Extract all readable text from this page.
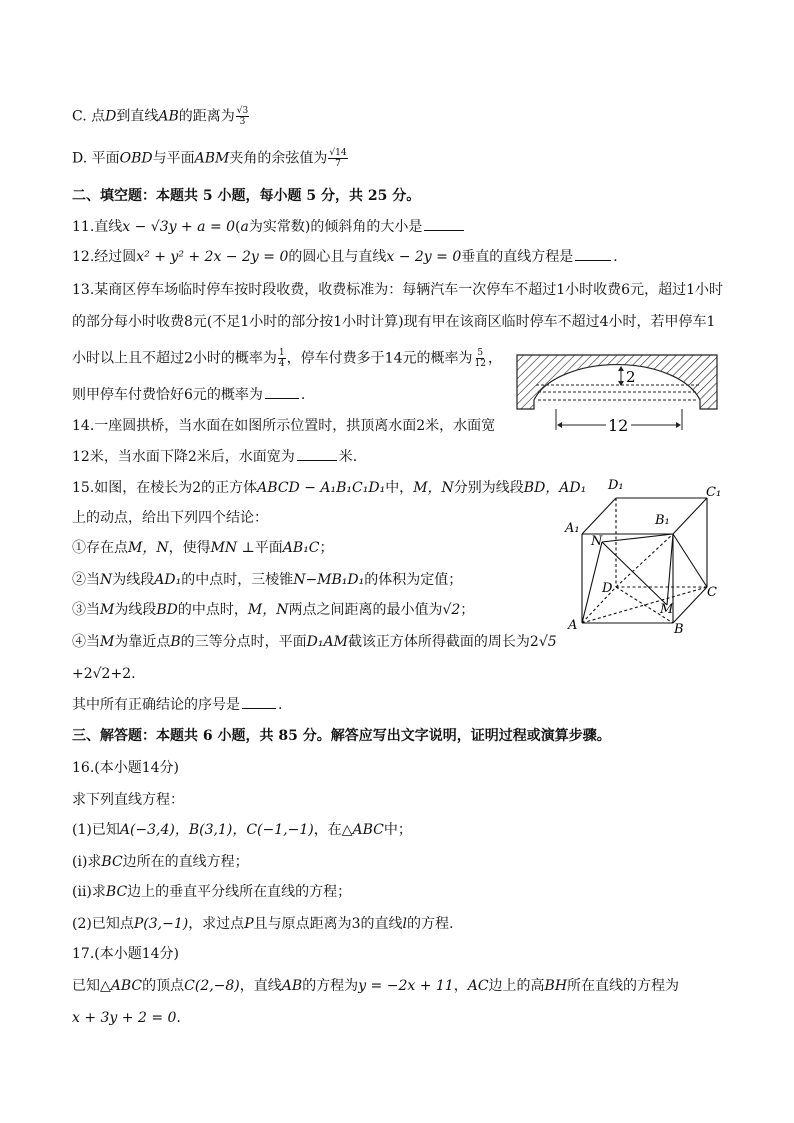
C. 点D到直线AB的距离为 $\frac{√3}{3}$
D. 平面OBD与平面ABM夹角的余弦值为 $\frac{√14}{7}$
二、填空题：本题共 5 小题，每小题 5 分，共 25 分。
11.直线x − √3y + a = 0(a为实常数)的倾斜角的大小是
12.经过圆x² + y² + 2x − 2y = 0的圆心且与直线x − 2y = 0垂直的直线方程是	.
13.某商区停车场临时停车按时段收费，收费标准为：每辆汽车一次停车不超过1小时收费6元，超过1小时
的部分每小时收费8元(不足1小时的部分按1小时计算)现有甲在该商区临时停车不超过4小时，若甲停车1
小时以上且不超过2小时的概率为 $\frac{1}{4}$ ，停车付费多于14元的概率为 $\frac{5}{12}$ ，
则甲停车付费恰好6元的概率为	.
14.一座圆拱桥，当水面在如图所示位置时，拱顶离水面2米，水面宽
12米，当水面下降2米后，水面宽为	米.
2
12
15.如图，在棱长为2的正方体ABCD − A₁B₁C₁D₁中，M，N分别为线段BD，AD₁
上的动点，给出下列四个结论：
①存在点M，N，使得MN ⊥平面AB₁C；
②当N为线段AD₁的中点时，三棱锥N−MB₁D₁的体积为定值；
③当M为线段BD的中点时，M，N两点之间距离的最小值为√2；
④当M为靠近点B的三等分点时，平面D₁AM截该正方体所得截面的周长为2√5
+2√2+2.
其中所有正确结论的序号是	.
D₁	C₁
A₁
B₁
N
D	C
M
A	B
三、解答题：本题共 6 小题，共 85 分。解答应写出文字说明，证明过程或演算步骤。
16.(本小题14分)
求下列直线方程：
(1)已知A(−3,4)，B(3,1)，C(−1,−1)，在△ABC中；
(ⅰ)求BC边所在的直线方程；
(ⅱ)求BC边上的垂直平分线所在直线的方程；
(2)已知点P(3,−1)，求过点P且与原点距离为3的直线l的方程.
17.(本小题14分)
已知△ABC的顶点C(2,−8)，直线AB的方程为y = −2x + 11，AC边上的高BH所在直线的方程为
x + 3y + 2 = 0.
